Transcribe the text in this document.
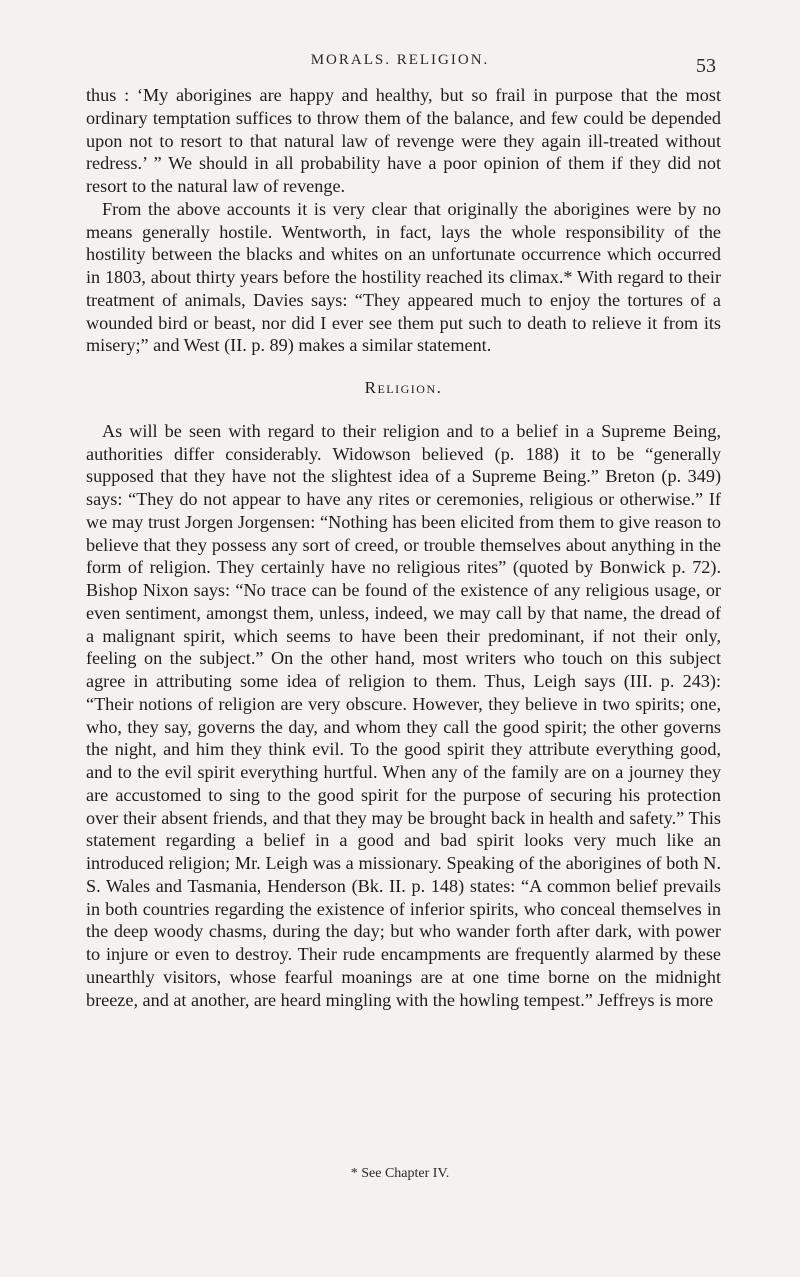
MORALS. RELIGION.	53

thus : ‘My aborigines are happy and healthy, but so frail in purpose that the most ordinary temptation suffices to throw them of the balance, and few could be depended upon not to resort to that natural law of revenge were they again ill-treated without redress.’ ” We should in all probability have a poor opinion of them if they did not resort to the natural law of revenge.

From the above accounts it is very clear that originally the aborigines were by no means generally hostile. Wentworth, in fact, lays the whole responsibility of the hostility between the blacks and whites on an unfortunate occurrence which occurred in 1803, about thirty years before the hostility reached its climax.* With regard to their treatment of animals, Davies says: “They appeared much to enjoy the tortures of a wounded bird or beast, nor did I ever see them put such to death to relieve it from its misery;” and West (II. p. 89) makes a similar statement.

Religion.

As will be seen with regard to their religion and to a belief in a Supreme Being, authorities differ considerably. Widowson believed (p. 188) it to be “generally supposed that they have not the slightest idea of a Supreme Being.” Breton (p. 349) says: “They do not appear to have any rites or ceremonies, religious or otherwise.” If we may trust Jorgen Jorgensen: “Nothing has been elicited from them to give reason to believe that they possess any sort of creed, or trouble themselves about anything in the form of religion. They certainly have no religious rites” (quoted by Bonwick p. 72). Bishop Nixon says: “No trace can be found of the existence of any religious usage, or even sentiment, amongst them, unless, indeed, we may call by that name, the dread of a malignant spirit, which seems to have been their predominant, if not their only, feeling on the subject.” On the other hand, most writers who touch on this subject agree in attributing some idea of religion to them. Thus, Leigh says (III. p. 243): “Their notions of religion are very obscure. However, they believe in two spirits; one, who, they say, governs the day, and whom they call the good spirit; the other governs the night, and him they think evil. To the good spirit they attribute everything good, and to the evil spirit everything hurtful. When any of the family are on a journey they are accustomed to sing to the good spirit for the purpose of securing his protection over their absent friends, and that they may be brought back in health and safety.” This statement regarding a belief in a good and bad spirit looks very much like an introduced religion; Mr. Leigh was a missionary. Speaking of the aborigines of both N. S. Wales and Tasmania, Henderson (Bk. II. p. 148) states: “A common belief prevails in both countries regarding the existence of inferior spirits, who conceal themselves in the deep woody chasms, during the day; but who wander forth after dark, with power to injure or even to destroy. Their rude encampments are frequently alarmed by these unearthly visitors, whose fearful moanings are at one time borne on the midnight breeze, and at another, are heard mingling with the howling tempest.” Jeffreys is more

* See Chapter IV.
